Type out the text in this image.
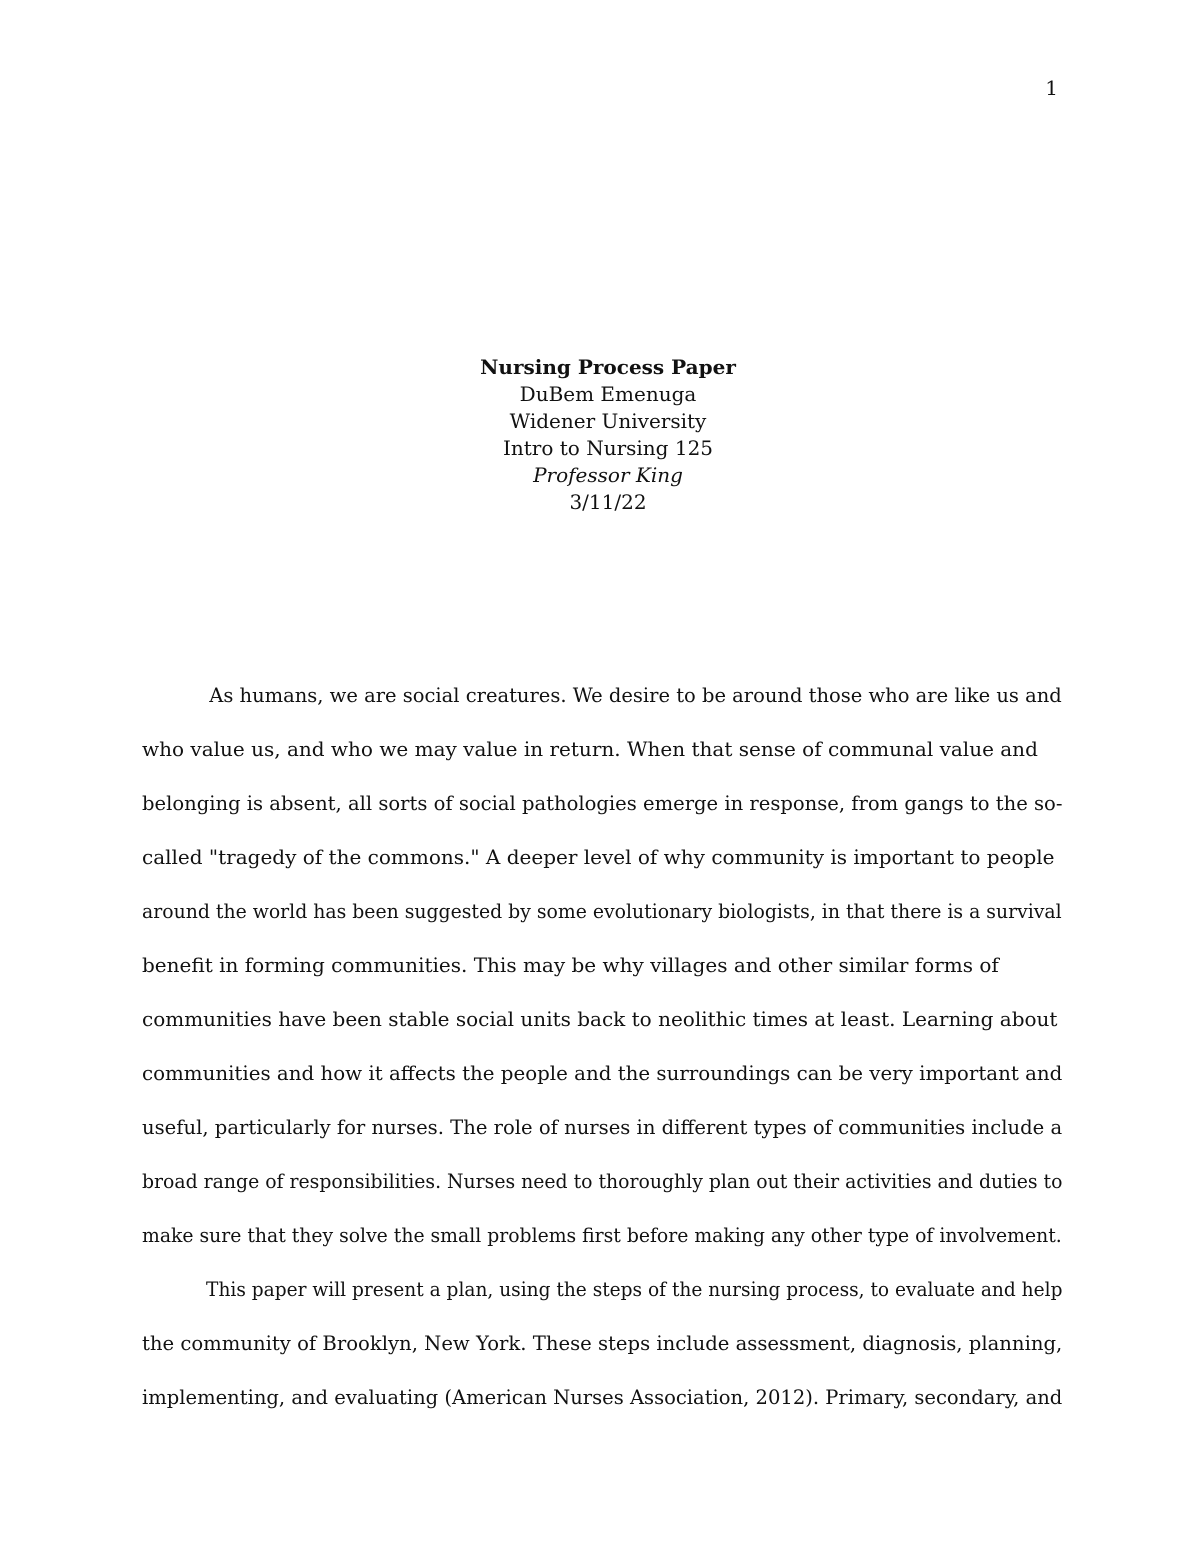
1
Nursing Process Paper
DuBem Emenuga
Widener University
Intro to Nursing 125
Professor King
3/11/22
As humans, we are social creatures. We desire to be around those who are like us and
who value us, and who we may value in return. When that sense of communal value and
belonging is absent, all sorts of social pathologies emerge in response, from gangs to the so-
called "tragedy of the commons." A deeper level of why community is important to people
around the world has been suggested by some evolutionary biologists, in that there is a survival
benefit in forming communities. This may be why villages and other similar forms of
communities have been stable social units back to neolithic times at least. Learning about
communities and how it affects the people and the surroundings can be very important and
useful, particularly for nurses. The role of nurses in different types of communities include a
broad range of responsibilities. Nurses need to thoroughly plan out their activities and duties to
make sure that they solve the small problems first before making any other type of involvement.
This paper will present a plan, using the steps of the nursing process, to evaluate and help
the community of Brooklyn, New York. These steps include assessment, diagnosis, planning,
implementing, and evaluating (American Nurses Association, 2012). Primary, secondary, and
